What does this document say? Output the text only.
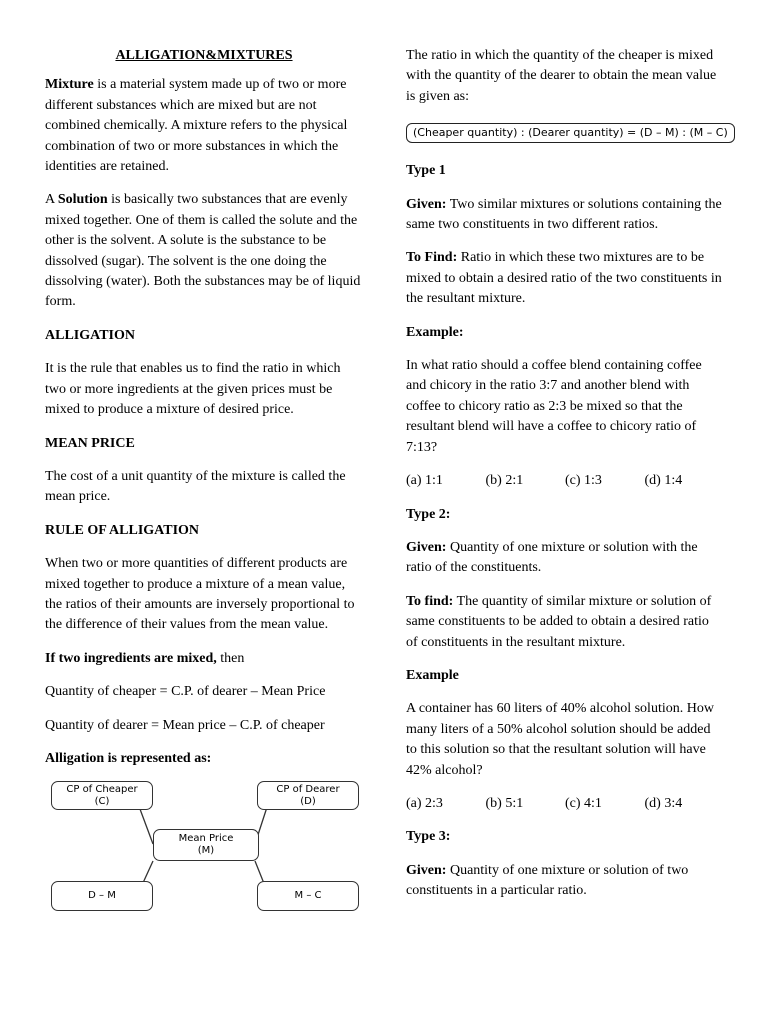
ALLIGATION&MIXTURES

Mixture is a material system made up of two or more different substances which are mixed but are not combined chemically. A mixture refers to the physical combination of two or more substances in which the identities are retained.

A Solution is basically two substances that are evenly mixed together. One of them is called the solute and the other is the solvent. A solute is the substance to be dissolved (sugar). The solvent is the one doing the dissolving (water). Both the substances may be of liquid form.

ALLIGATION

It is the rule that enables us to find the ratio in which two or more ingredients at the given prices must be mixed to produce a mixture of desired price.

MEAN PRICE

The cost of a unit quantity of the mixture is called the mean price.

RULE OF ALLIGATION

When two or more quantities of different products are mixed together to produce a mixture of a mean value, the ratios of their amounts are inversely proportional to the difference of their values from the mean value.

If two ingredients are mixed, then

Quantity of cheaper = C.P. of dearer – Mean Price

Quantity of dearer = Mean price – C.P. of cheaper

Alligation is represented as:
CP of Cheaper
(C)
CP of Dearer
(D)
Mean Price
(M)
D – M	M – C

The ratio in which the quantity of the cheaper is mixed with the quantity of the dearer to obtain the mean value is given as:

(Cheaper quantity) : (Dearer quantity) = (D – M) : (M – C)
Type 1

Given: Two similar mixtures or solutions containing the same two constituents in two different ratios.

To Find: Ratio in which these two mixtures are to be mixed to obtain a desired ratio of the two constituents in the resultant mixture.

Example:

In what ratio should a coffee blend containing coffee and chicory in the ratio 3:7 and another blend with coffee to chicory ratio as 2:3 be mixed so that the resultant blend will have a coffee to chicory ratio of 7:13?

(a) 1:1	(b) 2:1	(c) 1:3	(d) 1:4
Type 2:

Given: Quantity of one mixture or solution with the ratio of the constituents.

To find: The quantity of similar mixture or solution of same constituents to be added to obtain a desired ratio of constituents in the resultant mixture.

Example

A container has 60 liters of 40% alcohol solution. How many liters of a 50% alcohol solution should be added to this solution so that the resultant solution will have 42% alcohol?

(a) 2:3	(b) 5:1	(c) 4:1	(d) 3:4
Type 3:

Given: Quantity of one mixture or solution of two constituents in a particular ratio.
